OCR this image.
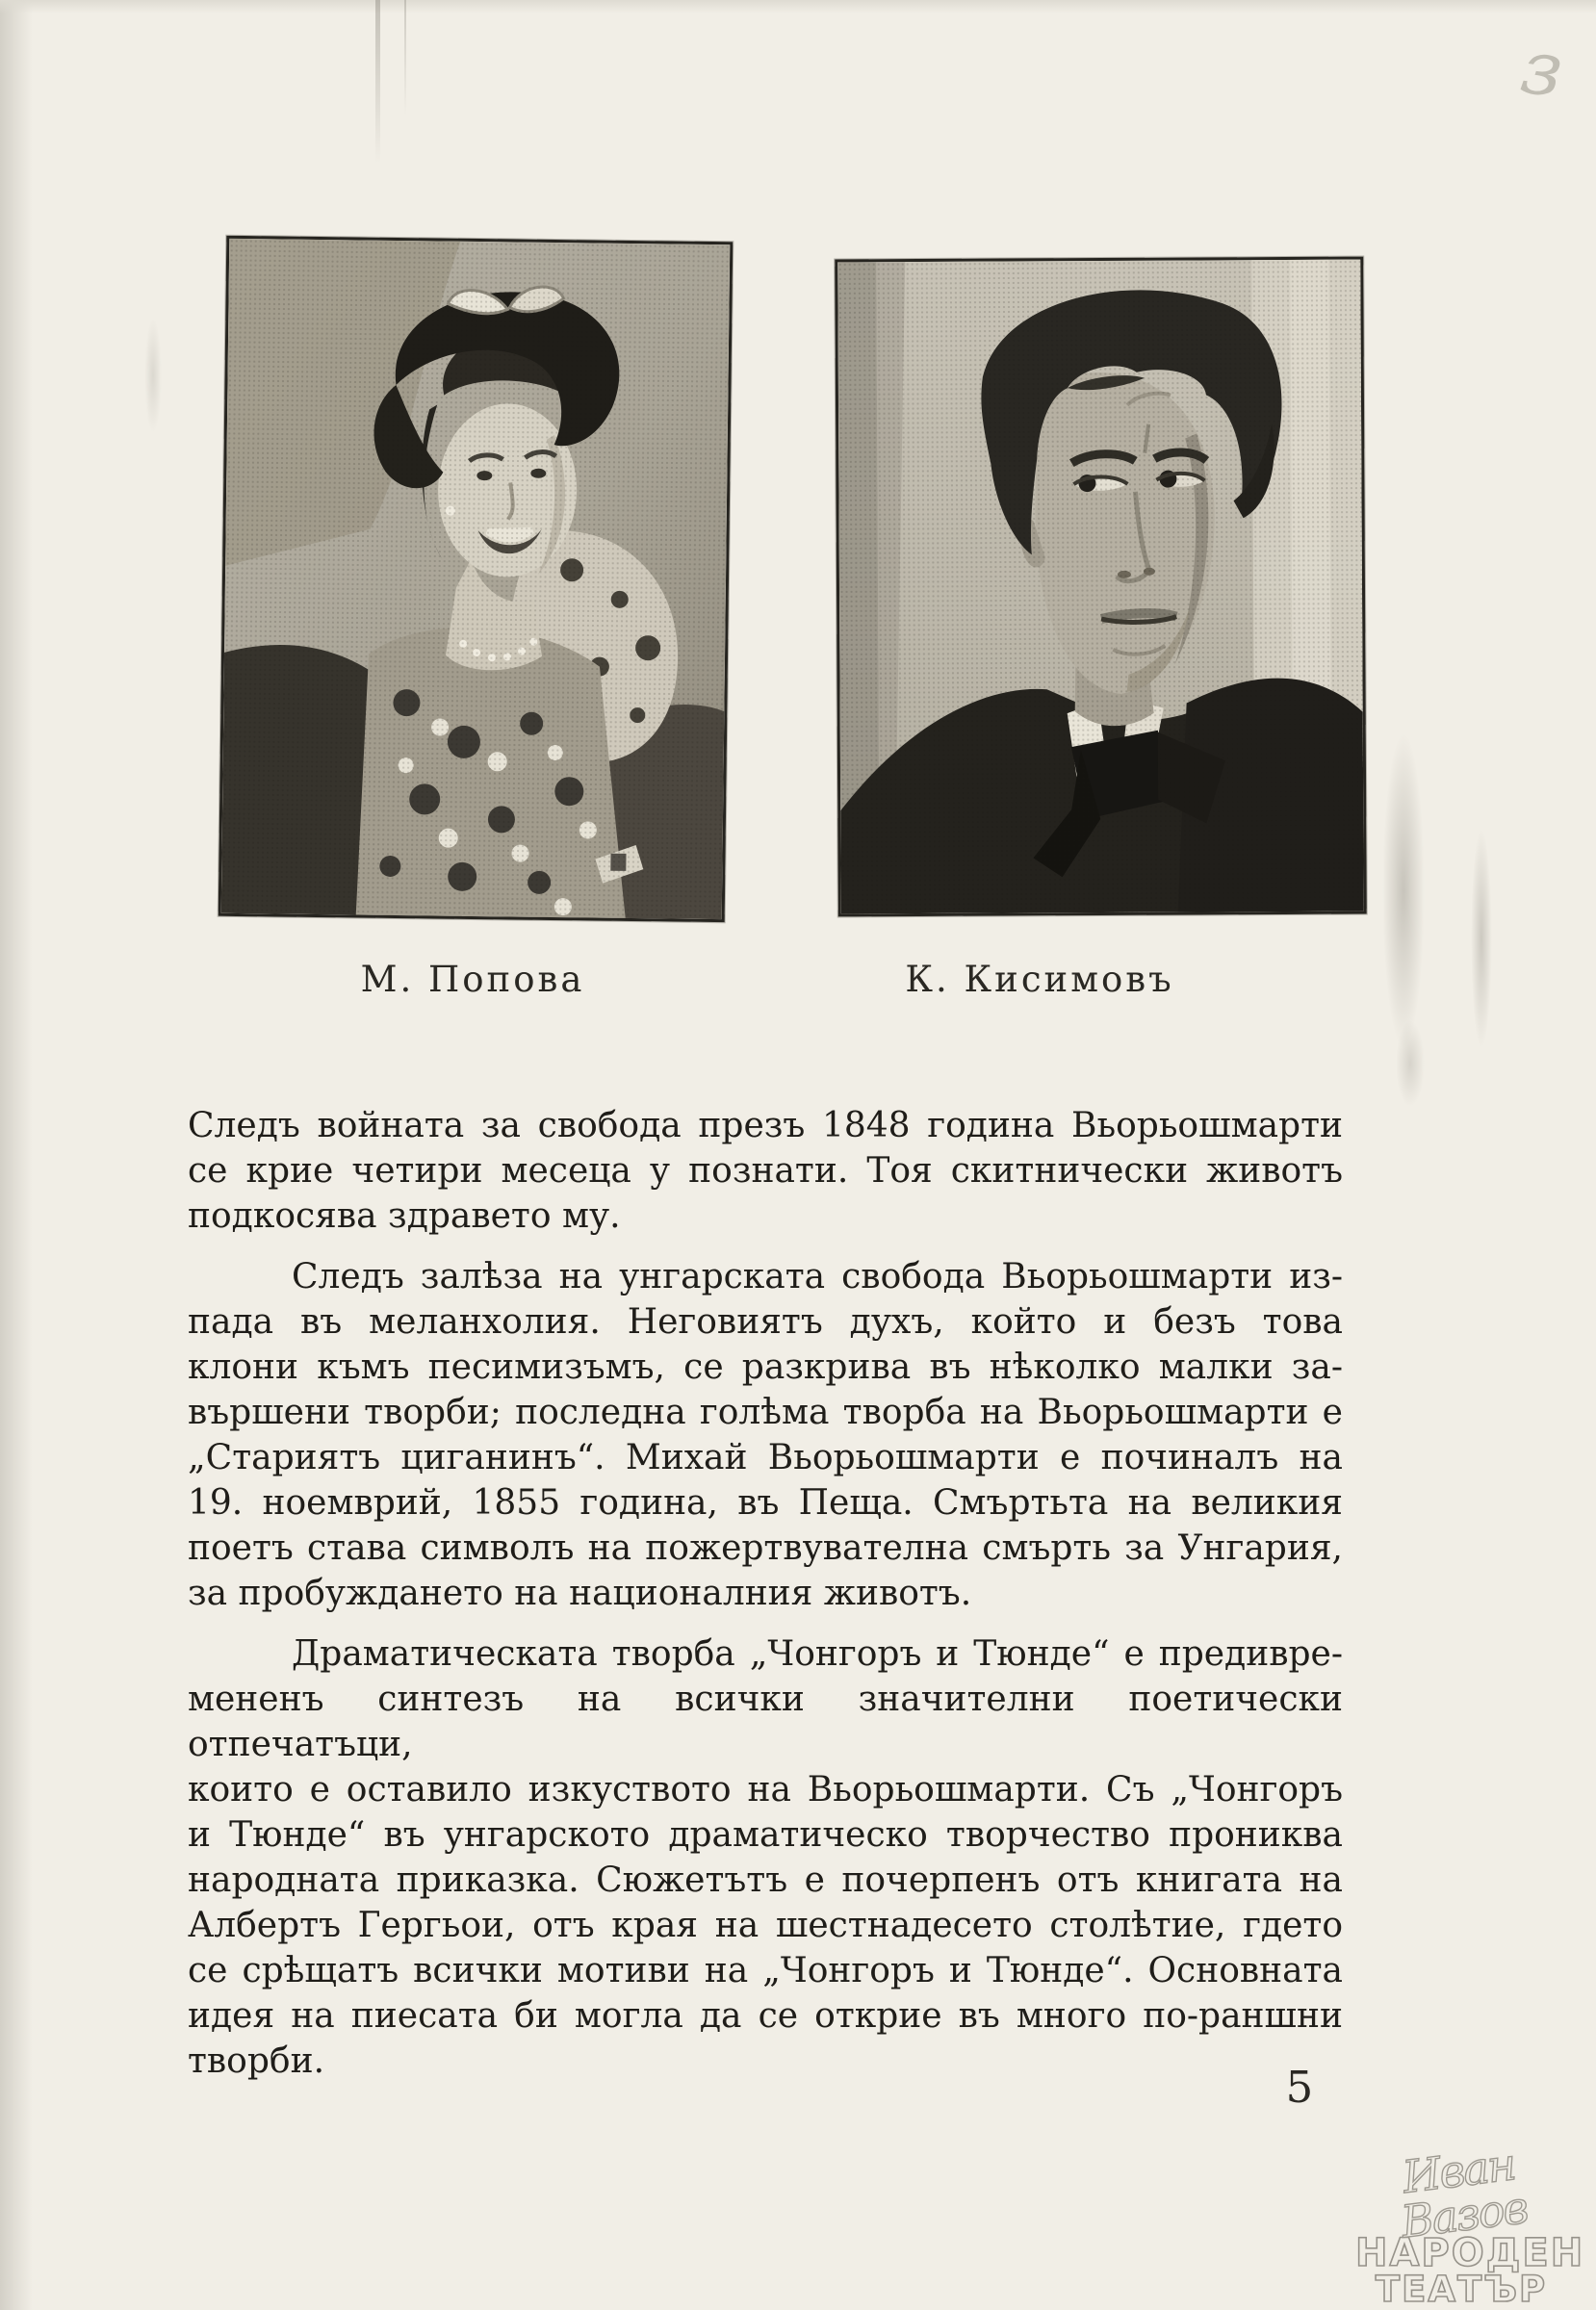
з
М. Попова	К. Кисимовъ
Следъ войната за свобода презъ 1848 година Вьорьошмарти
се крие четири месеца у познати. Тоя скитнически животъ
подкосява здравето му.
Следъ залѣза на унгарската свобода Вьорьошмарти из-
пада въ меланхолия. Неговиятъ духъ, който и безъ това
клони къмъ песимизъмъ, се разкрива въ нѣколко малки за-
вършени творби; последна голѣма творба на Вьорьошмарти е
„Стариятъ циганинъ“. Михай Вьорьошмарти е починалъ на
19. ноемврий, 1855 година, въ Пеща. Смъртьта на великия
поетъ става символъ на пожертвувателна смърть за Унгария,
за пробуждането на националния животъ.
Драматическата творба „Чонгоръ и Тюнде“ е предивре-
мененъ синтезъ на всички значителни поетически отпечатъци,
които е оставило изкуството на Вьорьошмарти. Съ „Чонгоръ
и Тюнде“ въ унгарското драматическо творчество прониква
народната приказка. Сюжетътъ е почерпенъ отъ книгата на
Албертъ Гергьои, отъ края на шестнадесето столѣтие, гдето
се срѣщатъ всички мотиви на „Чонгоръ и Тюнде“. Основната
идея на пиесата би могла да се открие въ много по-раншни
творби.
5
Иван Вазов
НАРОДЕН
ТЕАТЪР
